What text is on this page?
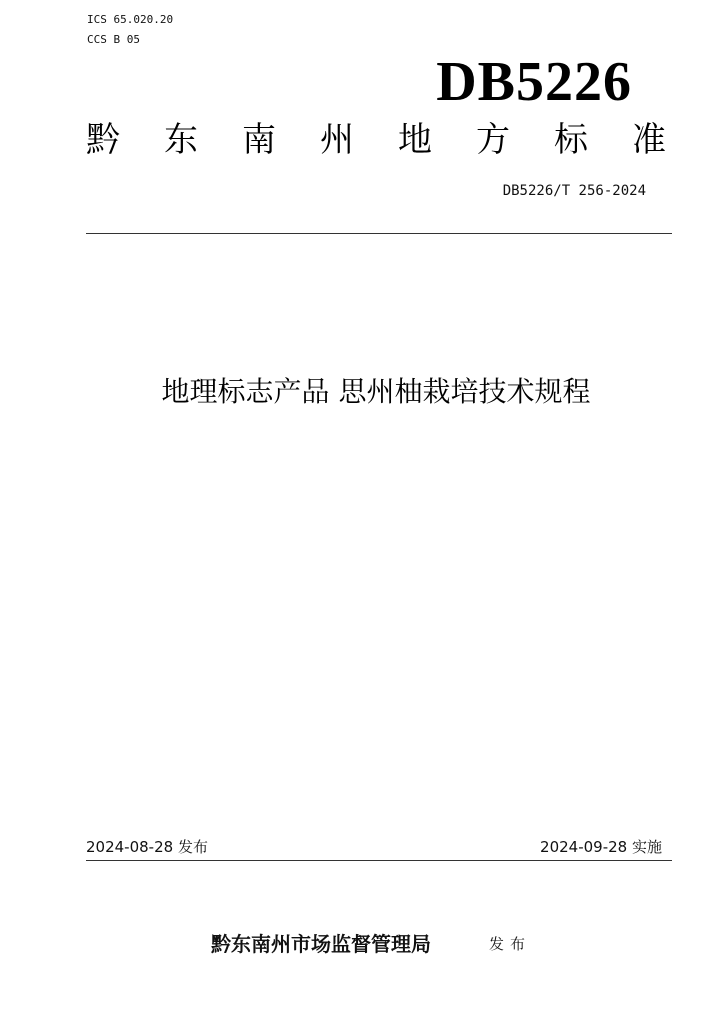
ICS 65.020.20
CCS B 05
DB5226
黔 东 南 州 地 方 标 准
DB5226/T 256-2024
地理标志产品 思州柚栽培技术规程
2024-08-28 发布	2024-09-28 实施
黔东南州市场监督管理局	发布
